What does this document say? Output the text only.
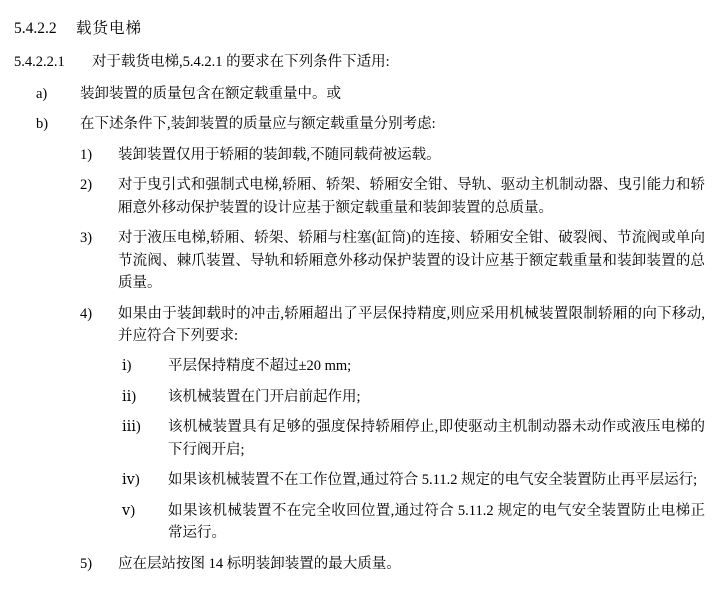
5.4.2.2	载货电梯
5.4.2.2.1	对于载货电梯,5.4.2.1 的要求在下列条件下适用:
a)	装卸装置的质量包含在额定载重量中。或
b)	在下述条件下,装卸装置的质量应与额定载重量分别考虑:
1)	装卸装置仅用于轿厢的装卸载,不随同载荷被运载。
2)	对于曳引式和强制式电梯,轿厢、轿架、轿厢安全钳、导轨、驱动主机制动器、曳引能力和轿厢意外移动保护装置的设计应基于额定载重量和装卸装置的总质量。
3)	对于液压电梯,轿厢、轿架、轿厢与柱塞(缸筒)的连接、轿厢安全钳、破裂阀、节流阀或单向节流阀、棘爪装置、导轨和轿厢意外移动保护装置的设计应基于额定载重量和装卸装置的总质量。
4)	如果由于装卸载时的冲击,轿厢超出了平层保持精度,则应采用机械装置限制轿厢的向下移动,并应符合下列要求:
ⅰ)	平层保持精度不超过±20 mm;
ⅱ)	该机械装置在门开启前起作用;
ⅲ)	该机械装置具有足够的强度保持轿厢停止,即使驱动主机制动器未动作或液压电梯的下行阀开启;
ⅳ)	如果该机械装置不在工作位置,通过符合 5.11.2 规定的电气安全装置防止再平层运行;
ⅴ)	如果该机械装置不在完全收回位置,通过符合 5.11.2 规定的电气安全装置防止电梯正常运行。
5)	应在层站按图 14 标明装卸装置的最大质量。
